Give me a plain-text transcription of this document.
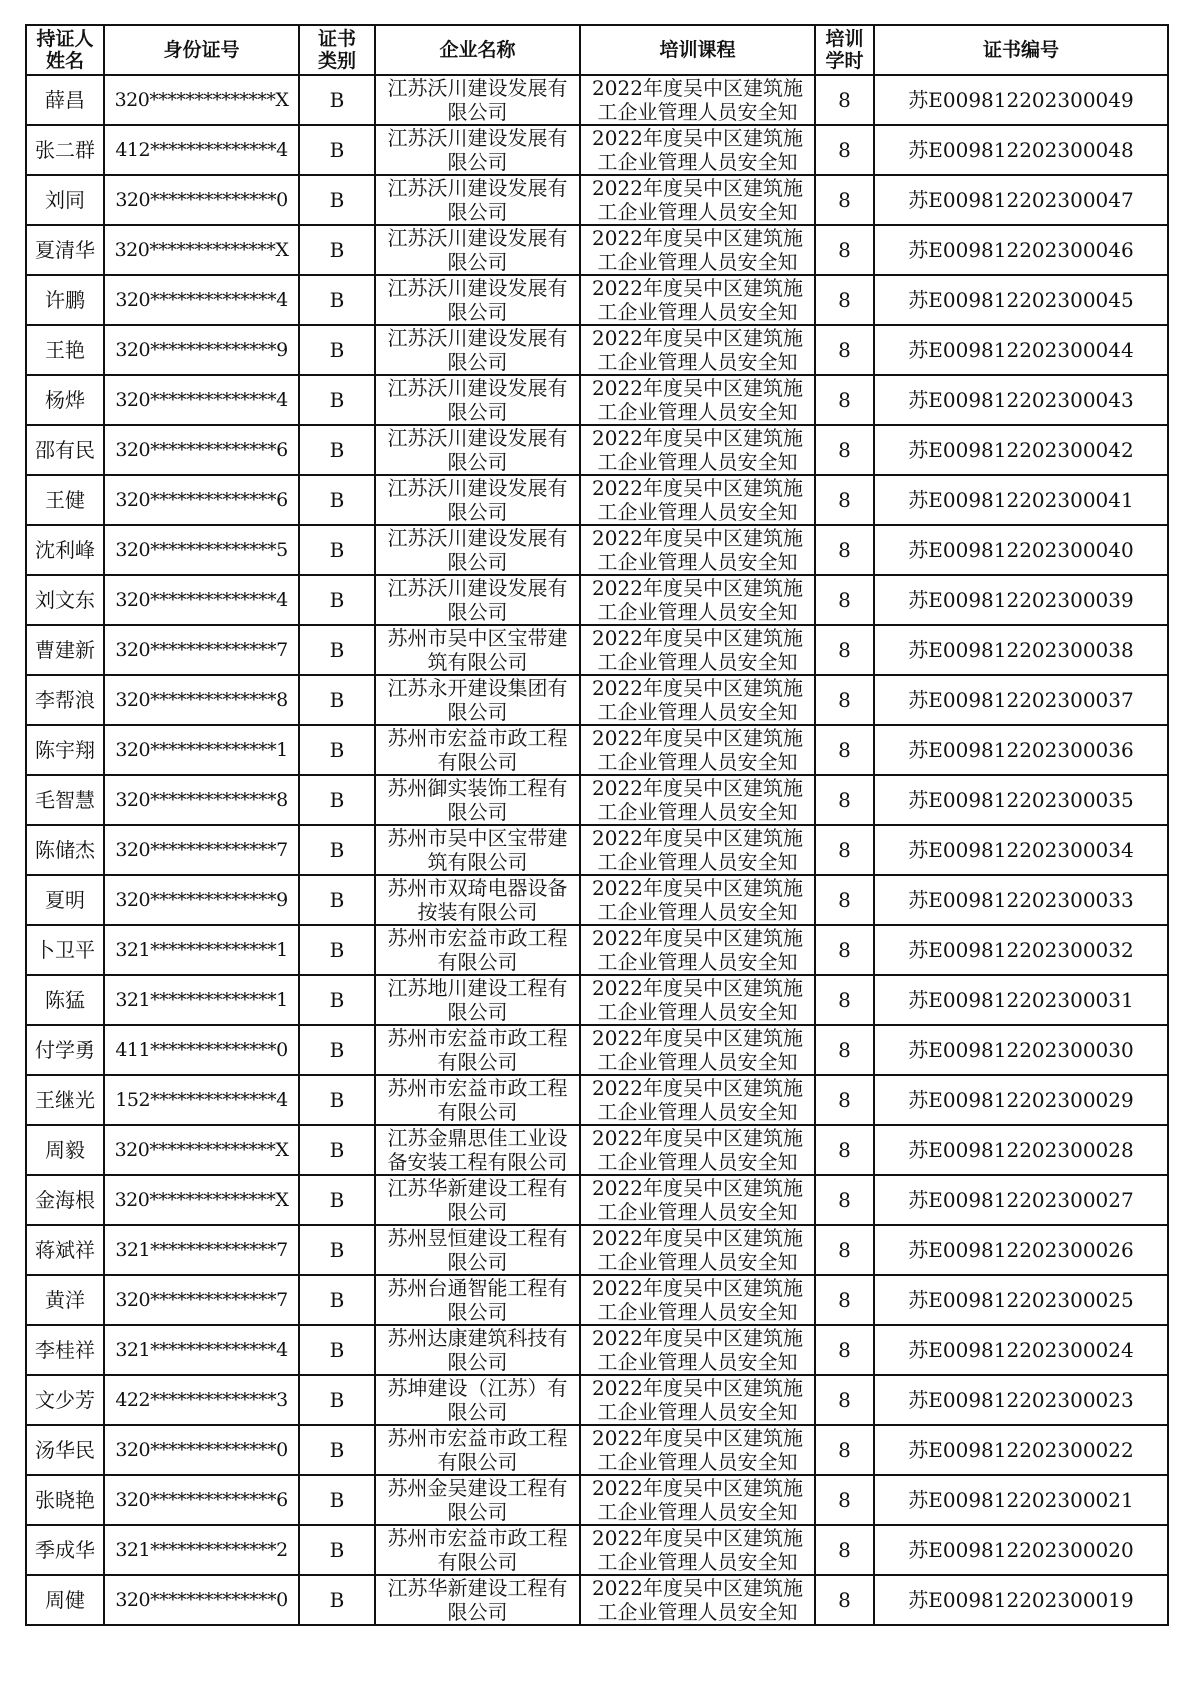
持证人姓名	身份证号	证书类别	企业名称	培训课程	培训学时	证书编号
薛昌	320**************X	B	江苏沃川建设发展有限公司	2022年度吴中区建筑施工企业管理人员安全知	8	苏E009812202300049
张二群	412**************4	B	江苏沃川建设发展有限公司	2022年度吴中区建筑施工企业管理人员安全知	8	苏E009812202300048
刘同	320**************0	B	江苏沃川建设发展有限公司	2022年度吴中区建筑施工企业管理人员安全知	8	苏E009812202300047
夏清华	320**************X	B	江苏沃川建设发展有限公司	2022年度吴中区建筑施工企业管理人员安全知	8	苏E009812202300046
许鹏	320**************4	B	江苏沃川建设发展有限公司	2022年度吴中区建筑施工企业管理人员安全知	8	苏E009812202300045
王艳	320**************9	B	江苏沃川建设发展有限公司	2022年度吴中区建筑施工企业管理人员安全知	8	苏E009812202300044
杨烨	320**************4	B	江苏沃川建设发展有限公司	2022年度吴中区建筑施工企业管理人员安全知	8	苏E009812202300043
邵有民	320**************6	B	江苏沃川建设发展有限公司	2022年度吴中区建筑施工企业管理人员安全知	8	苏E009812202300042
王健	320**************6	B	江苏沃川建设发展有限公司	2022年度吴中区建筑施工企业管理人员安全知	8	苏E009812202300041
沈利峰	320**************5	B	江苏沃川建设发展有限公司	2022年度吴中区建筑施工企业管理人员安全知	8	苏E009812202300040
刘文东	320**************4	B	江苏沃川建设发展有限公司	2022年度吴中区建筑施工企业管理人员安全知	8	苏E009812202300039
曹建新	320**************7	B	苏州市吴中区宝带建筑有限公司	2022年度吴中区建筑施工企业管理人员安全知	8	苏E009812202300038
李帮浪	320**************8	B	江苏永开建设集团有限公司	2022年度吴中区建筑施工企业管理人员安全知	8	苏E009812202300037
陈宇翔	320**************1	B	苏州市宏益市政工程有限公司	2022年度吴中区建筑施工企业管理人员安全知	8	苏E009812202300036
毛智慧	320**************8	B	苏州御实装饰工程有限公司	2022年度吴中区建筑施工企业管理人员安全知	8	苏E009812202300035
陈储杰	320**************7	B	苏州市吴中区宝带建筑有限公司	2022年度吴中区建筑施工企业管理人员安全知	8	苏E009812202300034
夏明	320**************9	B	苏州市双琦电器设备按装有限公司	2022年度吴中区建筑施工企业管理人员安全知	8	苏E009812202300033
卜卫平	321**************1	B	苏州市宏益市政工程有限公司	2022年度吴中区建筑施工企业管理人员安全知	8	苏E009812202300032
陈猛	321**************1	B	江苏地川建设工程有限公司	2022年度吴中区建筑施工企业管理人员安全知	8	苏E009812202300031
付学勇	411**************0	B	苏州市宏益市政工程有限公司	2022年度吴中区建筑施工企业管理人员安全知	8	苏E009812202300030
王继光	152**************4	B	苏州市宏益市政工程有限公司	2022年度吴中区建筑施工企业管理人员安全知	8	苏E009812202300029
周毅	320**************X	B	江苏金鼎思佳工业设备安装工程有限公司	2022年度吴中区建筑施工企业管理人员安全知	8	苏E009812202300028
金海根	320**************X	B	江苏华新建设工程有限公司	2022年度吴中区建筑施工企业管理人员安全知	8	苏E009812202300027
蒋斌祥	321**************7	B	苏州昱恒建设工程有限公司	2022年度吴中区建筑施工企业管理人员安全知	8	苏E009812202300026
黄洋	320**************7	B	苏州台通智能工程有限公司	2022年度吴中区建筑施工企业管理人员安全知	8	苏E009812202300025
李桂祥	321**************4	B	苏州达康建筑科技有限公司	2022年度吴中区建筑施工企业管理人员安全知	8	苏E009812202300024
文少芳	422**************3	B	苏坤建设（江苏）有限公司	2022年度吴中区建筑施工企业管理人员安全知	8	苏E009812202300023
汤华民	320**************0	B	苏州市宏益市政工程有限公司	2022年度吴中区建筑施工企业管理人员安全知	8	苏E009812202300022
张晓艳	320**************6	B	苏州金吴建设工程有限公司	2022年度吴中区建筑施工企业管理人员安全知	8	苏E009812202300021
季成华	321**************2	B	苏州市宏益市政工程有限公司	2022年度吴中区建筑施工企业管理人员安全知	8	苏E009812202300020
周健	320**************0	B	江苏华新建设工程有限公司	2022年度吴中区建筑施工企业管理人员安全知	8	苏E009812202300019
